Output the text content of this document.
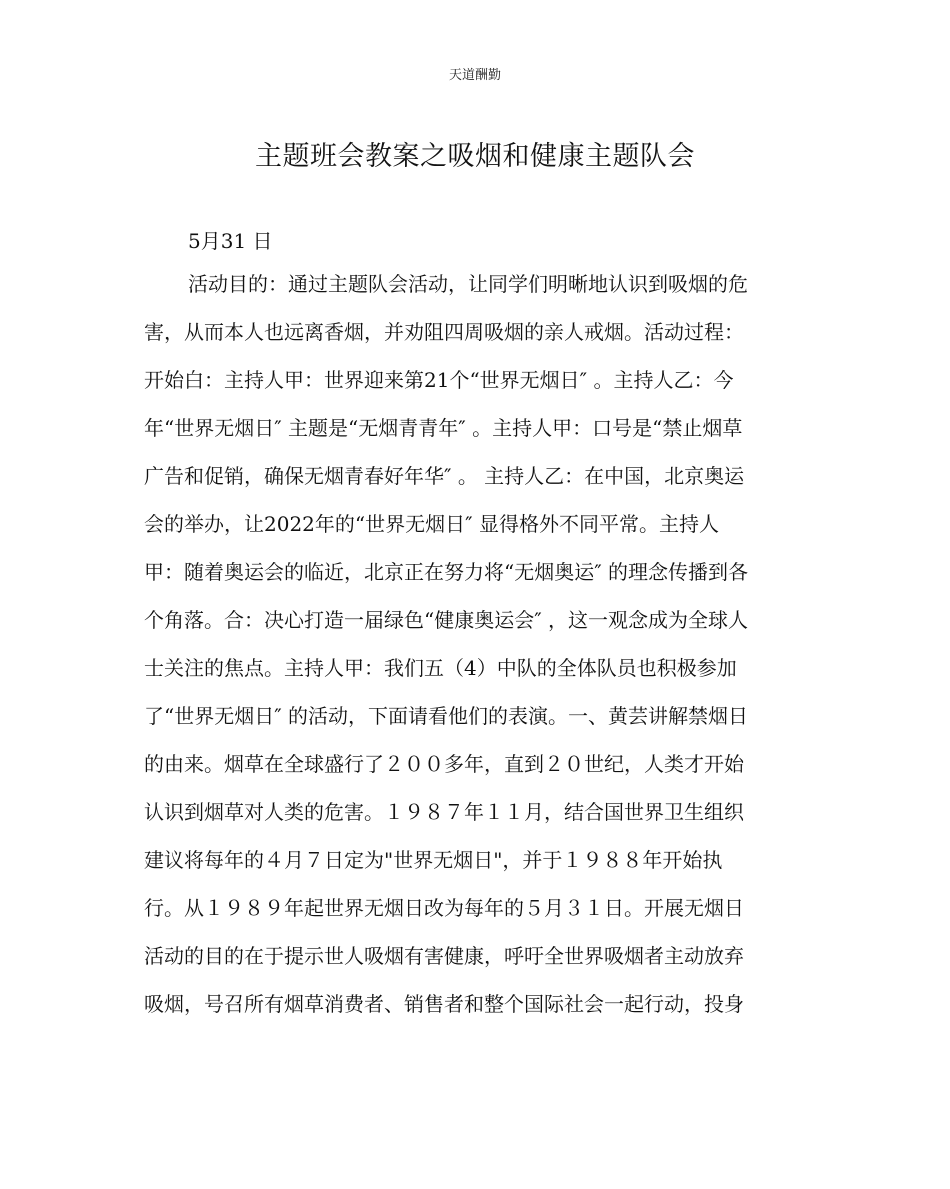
天道酬勤
主题班会教案之吸烟和健康主题队会
5月31 日
活动目的：通过主题队会活动，让同学们明晰地认识到吸烟的危
害，从而本人也远离香烟，并劝阻四周吸烟的亲人戒烟。活动过程：
开始白：主持人甲：世界迎来第21个“世界无烟日″ 。主持人乙：今
年“世界无烟日″ 主题是“无烟青青年″ 。主持人甲：口号是“禁止烟草
广告和促销，确保无烟青春好年华″ 。 主持人乙：在中国，北京奥运
会的举办，让2022年的“世界无烟日″ 显得格外不同平常。主持人
甲：随着奥运会的临近，北京正在努力将“无烟奥运″ 的理念传播到各
个角落。合：决心打造一届绿色“健康奥运会″ ，这一观念成为全球人
士关注的焦点。主持人甲：我们五（4）中队的全体队员也积极参加
了“世界无烟日″ 的活动，下面请看他们的表演。一、黄芸讲解禁烟日
的由来。烟草在全球盛行了２００多年，直到２０世纪，人类才开始
认识到烟草对人类的危害。１９８７年１１月，结合国世界卫生组织
建议将每年的４月７日定为"世界无烟日"，并于１９８８年开始执
行。从１９８９年起世界无烟日改为每年的５月３１日。开展无烟日
活动的目的在于提示世人吸烟有害健康，呼吁全世界吸烟者主动放弃
吸烟，号召所有烟草消费者、销售者和整个国际社会一起行动，投身
